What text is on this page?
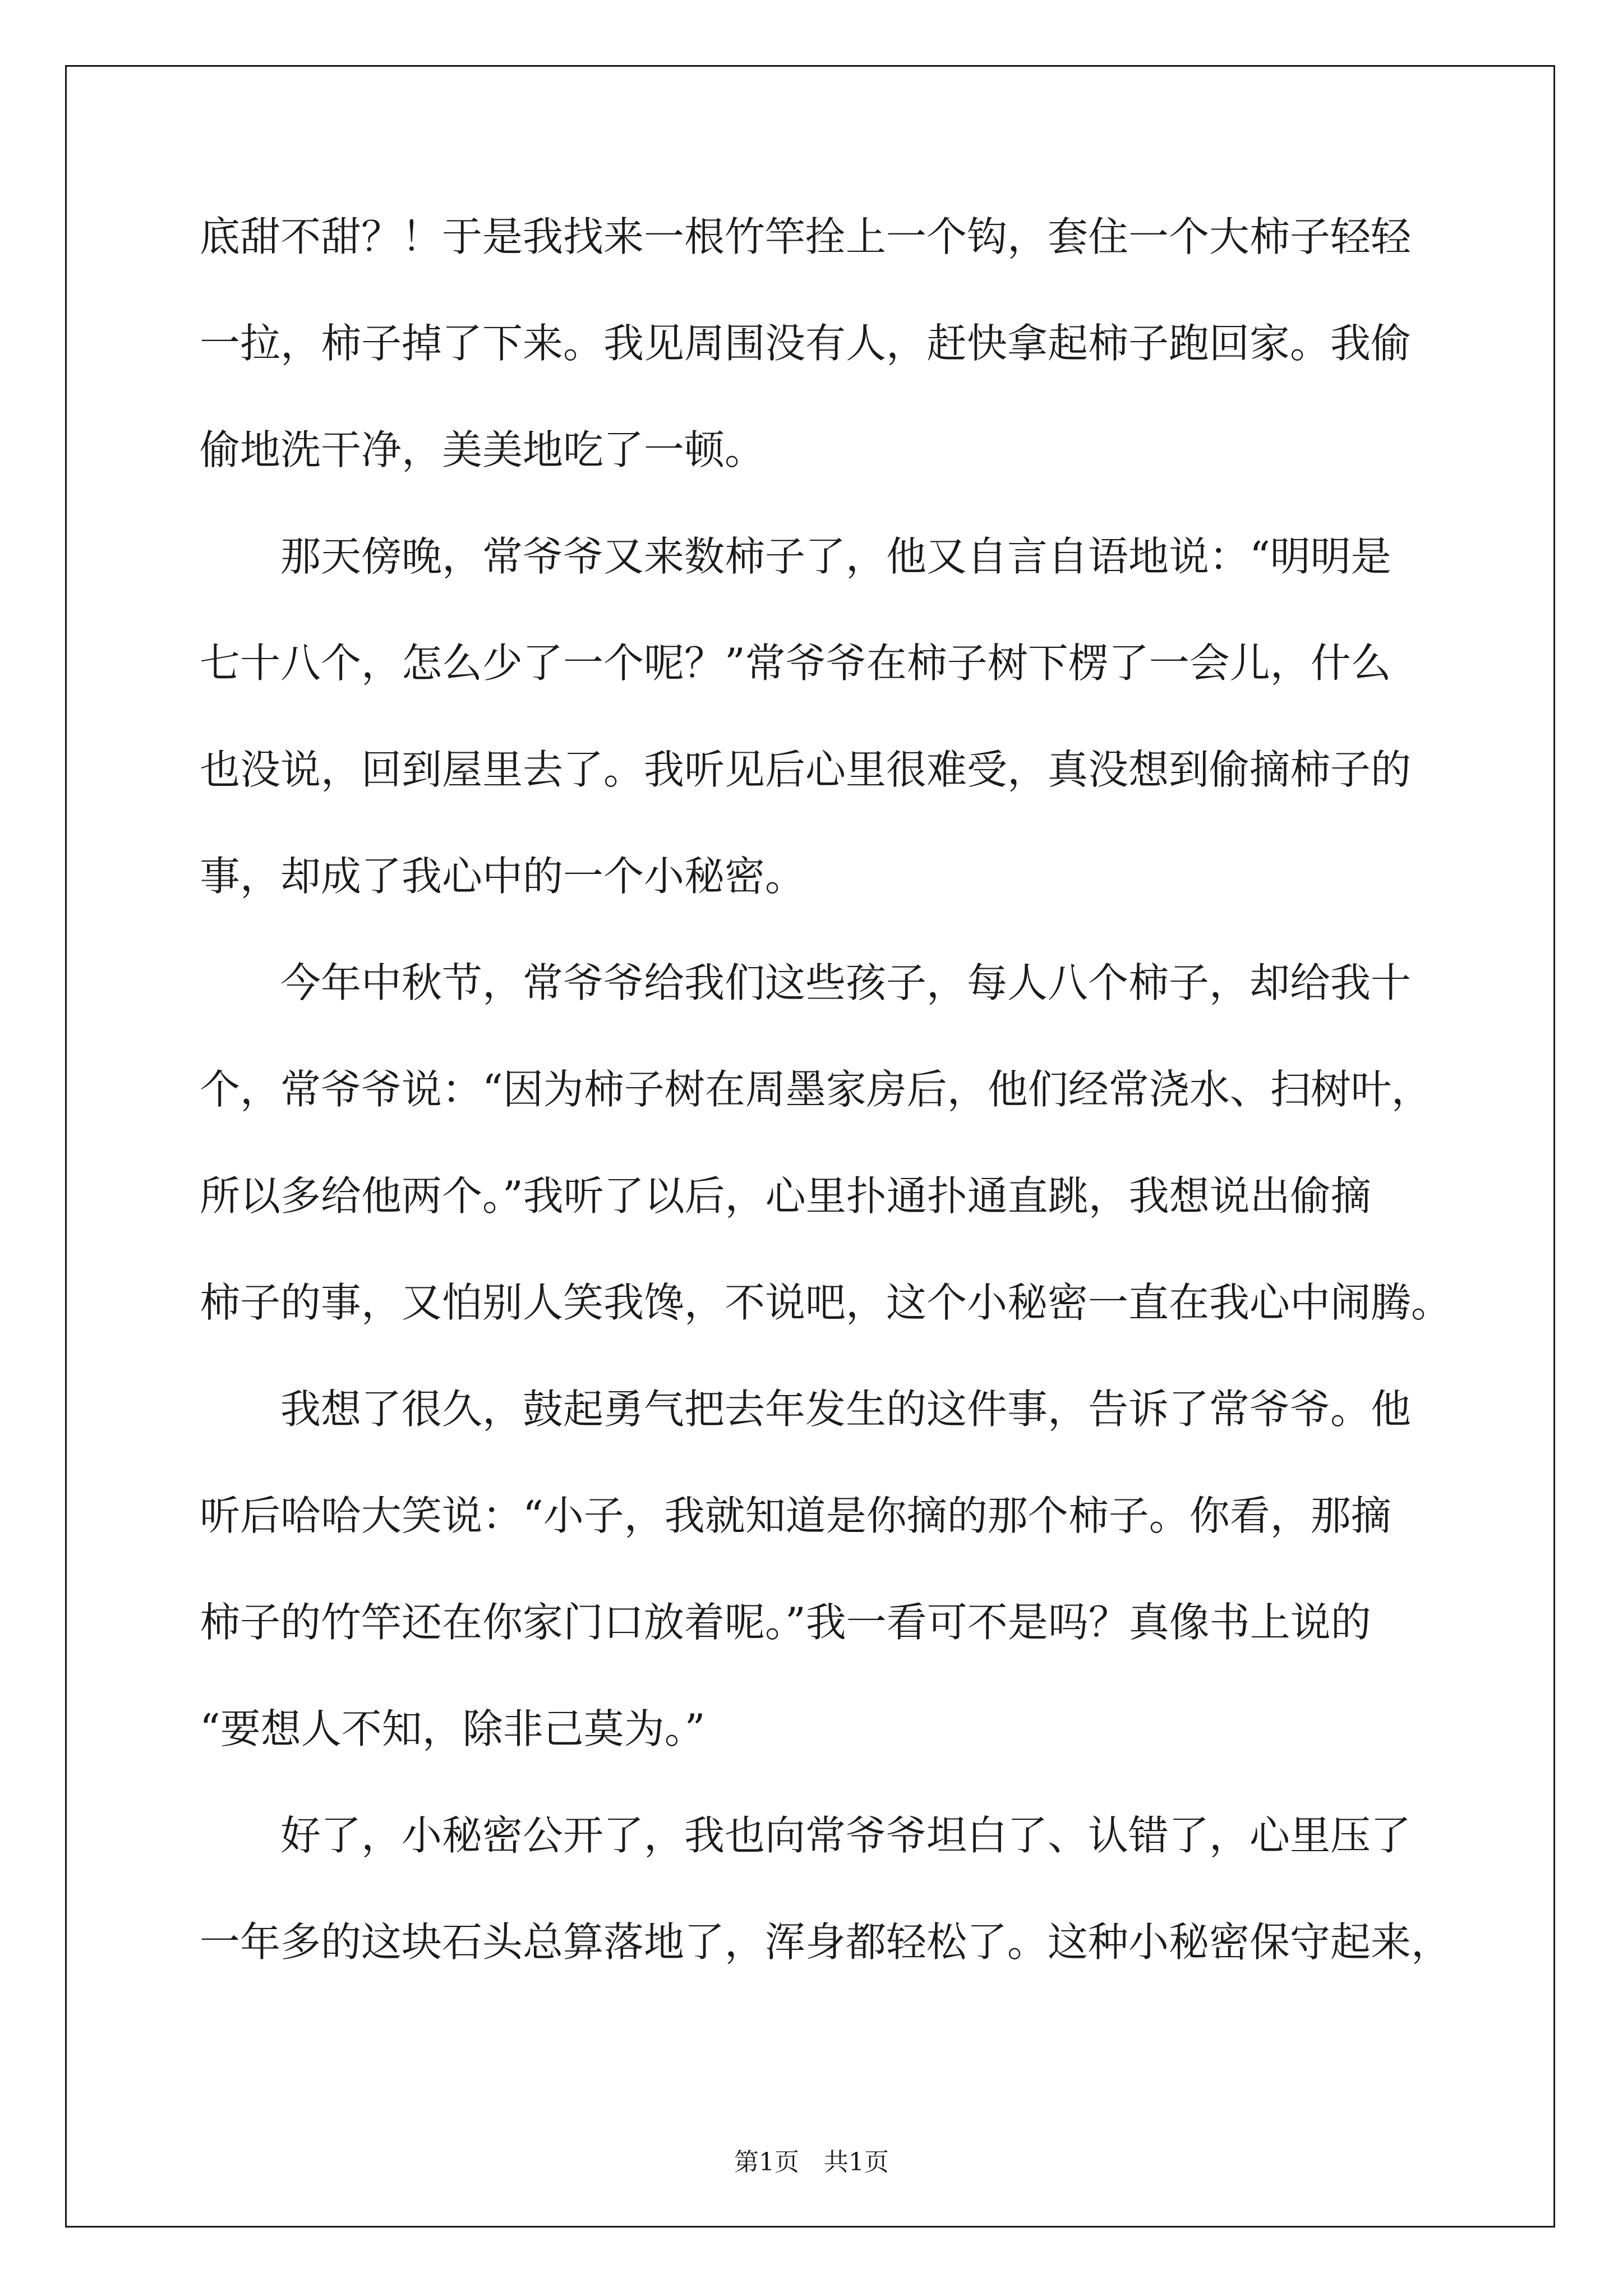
底甜不甜？！于是我找来一根竹竿拴上一个钩，套住一个大柿子轻轻
一拉，柿子掉了下来。我见周围没有人，赶快拿起柿子跑回家。我偷
偷地洗干净，美美地吃了一顿。
　　那天傍晚，常爷爷又来数柿子了，他又自言自语地说：“明明是
七十八个，怎么少了一个呢？”常爷爷在柿子树下楞了一会儿，什么
也没说，回到屋里去了。我听见后心里很难受，真没想到偷摘柿子的
事，却成了我心中的一个小秘密。
　　今年中秋节，常爷爷给我们这些孩子，每人八个柿子，却给我十
个，常爷爷说：“因为柿子树在周墨家房后，他们经常浇水、扫树叶，
所以多给他两个。”我听了以后，心里扑通扑通直跳，我想说出偷摘
柿子的事，又怕别人笑我馋，不说吧，这个小秘密一直在我心中闹腾。
　　我想了很久，鼓起勇气把去年发生的这件事，告诉了常爷爷。他
听后哈哈大笑说：“小子，我就知道是你摘的那个柿子。你看，那摘
柿子的竹竿还在你家门口放着呢。”我一看可不是吗？真像书上说的
“要想人不知，除非己莫为。”
　　好了，小秘密公开了，我也向常爷爷坦白了、认错了，心里压了
一年多的这块石头总算落地了，浑身都轻松了。这种小秘密保守起来，
第1页　共1页
